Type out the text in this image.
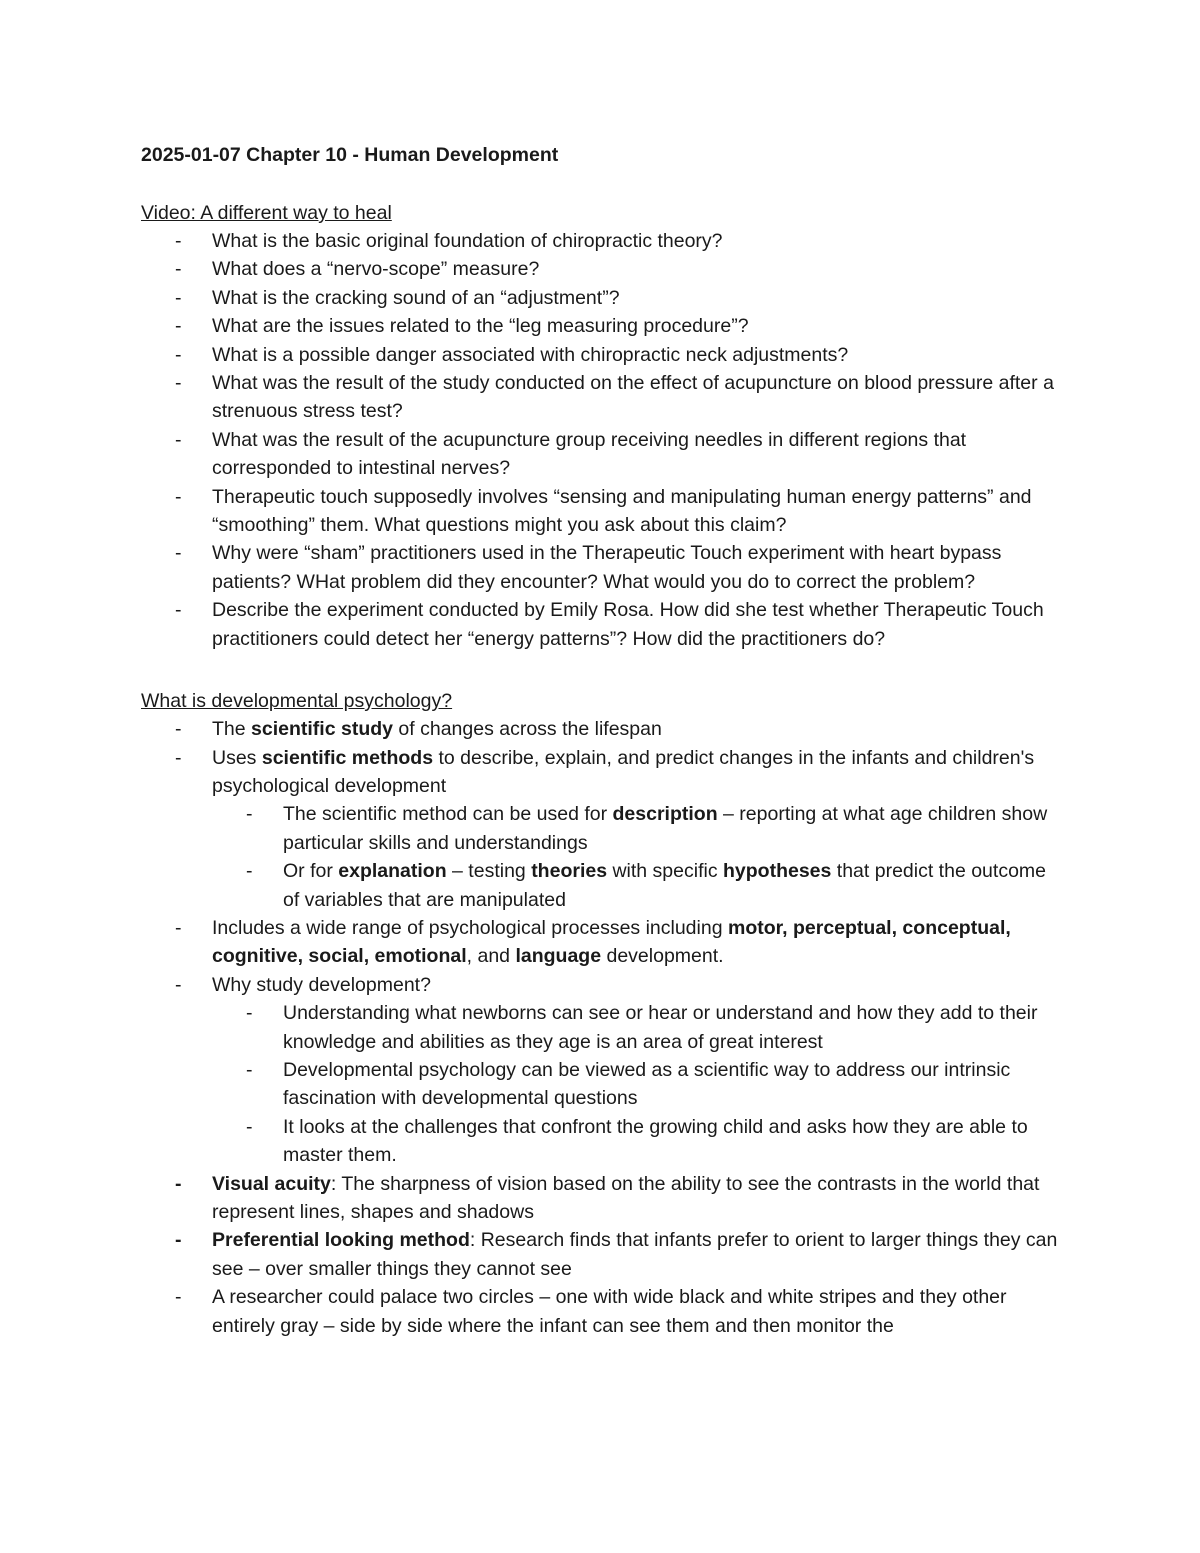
2025-01-07 Chapter 10 - Human Development

Video: A different way to heal

- What is the basic original foundation of chiropractic theory?
- What does a “nervo-scope” measure?
- What is the cracking sound of an “adjustment”?
- What are the issues related to the “leg measuring procedure”?
- What is a possible danger associated with chiropractic neck adjustments?
- What was the result of the study conducted on the effect of acupuncture on blood pressure after a strenuous stress test?
- What was the result of the acupuncture group receiving needles in different regions that corresponded to intestinal nerves?
- Therapeutic touch supposedly involves “sensing and manipulating human energy patterns” and “smoothing” them. What questions might you ask about this claim?
- Why were “sham” practitioners used in the Therapeutic Touch experiment with heart bypass patients? WHat problem did they encounter? What would you do to correct the problem?
- Describe the experiment conducted by Emily Rosa. How did she test whether Therapeutic Touch practitioners could detect her “energy patterns”? How did the practitioners do?

What is developmental psychology?

- The scientific study of changes across the lifespan
- Uses scientific methods to describe, explain, and predict changes in the infants and children's psychological development
- The scientific method can be used for description – reporting at what age children show particular skills and understandings
- Or for explanation – testing theories with specific hypotheses that predict the outcome of variables that are manipulated
- Includes a wide range of psychological processes including motor, perceptual, conceptual, cognitive, social, emotional, and language development.
- Why study development?
- Understanding what newborns can see or hear or understand and how they add to their knowledge and abilities as they age is an area of great interest
- Developmental psychology can be viewed as a scientific way to address our intrinsic fascination with developmental questions
- It looks at the challenges that confront the growing child and asks how they are able to master them.
- Visual acuity: The sharpness of vision based on the ability to see the contrasts in the world that represent lines, shapes and shadows
- Preferential looking method: Research finds that infants prefer to orient to larger things they can see – over smaller things they cannot see
- A researcher could palace two circles – one with wide black and white stripes and they other entirely gray – side by side where the infant can see them and then monitor the
